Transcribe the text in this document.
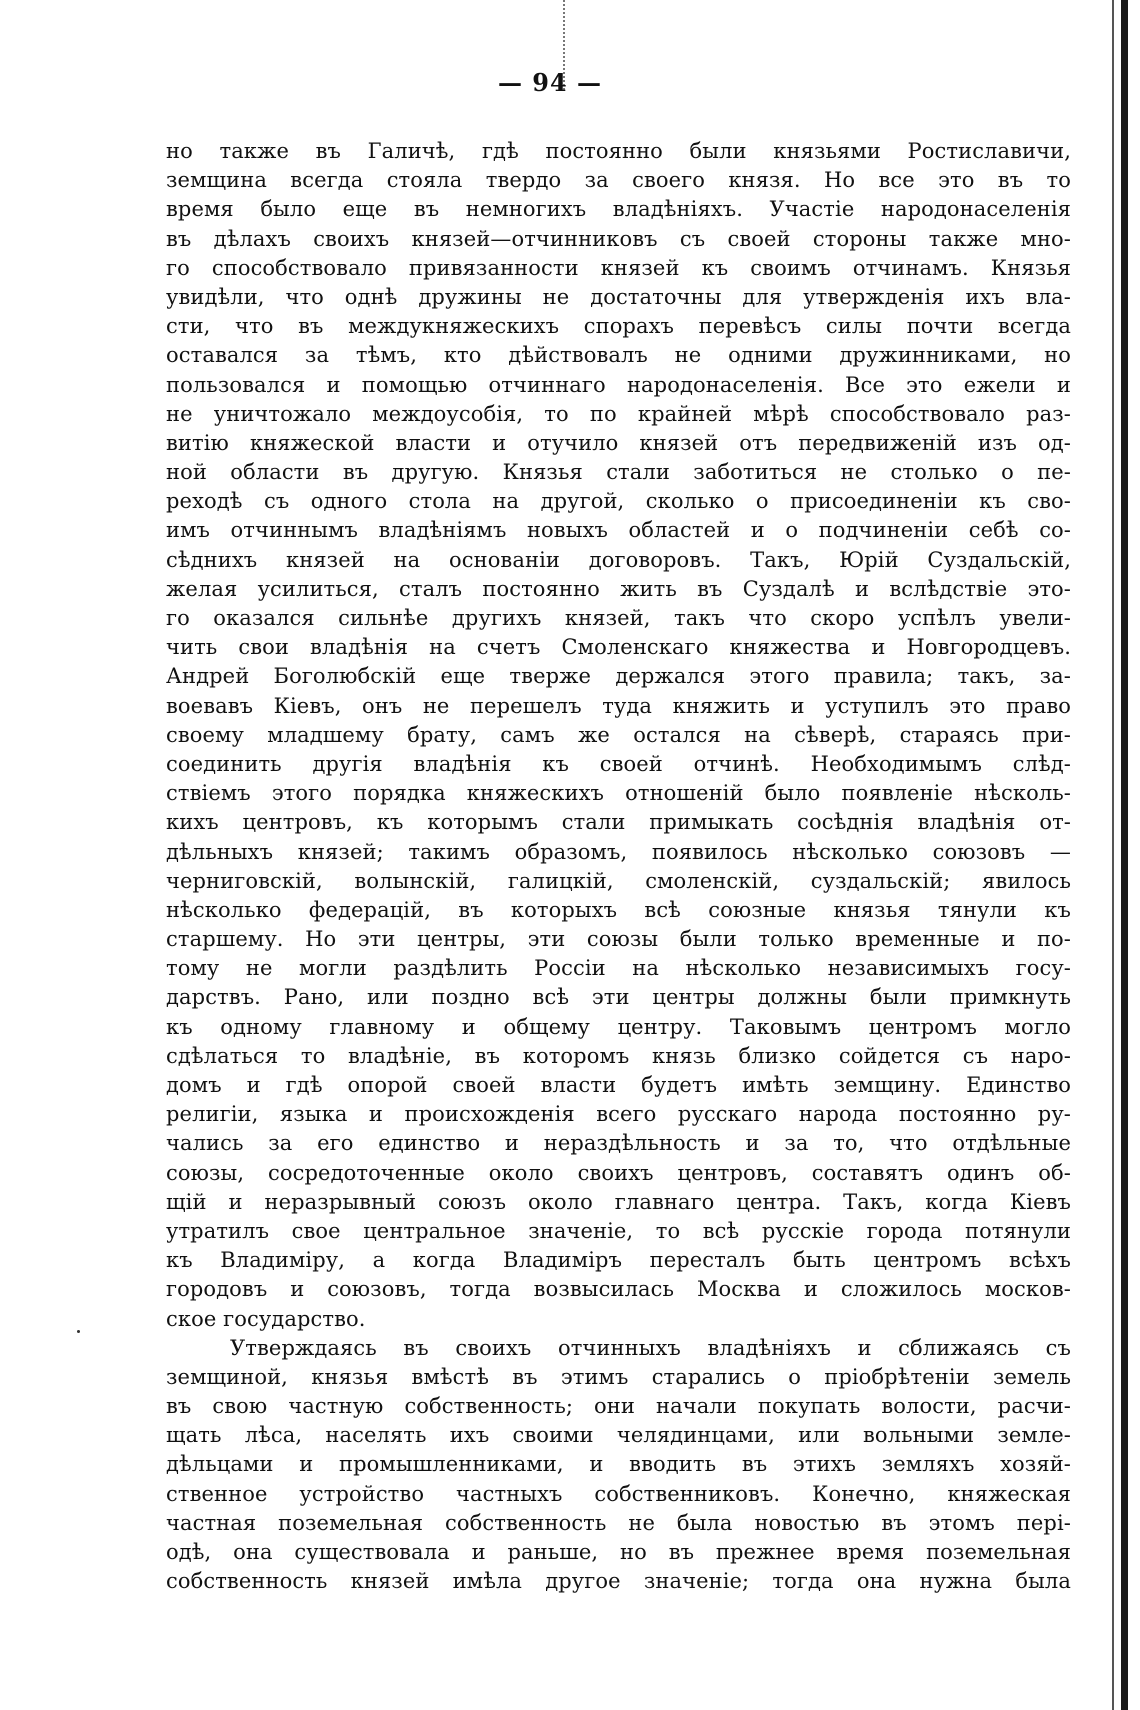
— 94 —
но также въ Галичѣ, гдѣ постоянно были князьями Ростиславичи,
земщина всегда стояла твердо за своего князя. Но все это въ то
время было еще въ немногихъ владѣніяхъ. Участіе народонаселенія
въ дѣлахъ своихъ князей—отчинниковъ съ своей стороны также мно-
го способствовало привязанности князей къ своимъ отчинамъ. Князья
увидѣли, что однѣ дружины не достаточны для утвержденія ихъ вла-
сти, что въ междукняжескихъ спорахъ перевѣсъ силы почти всегда
оставался за тѣмъ, кто дѣйствовалъ не одними дружинниками, но
пользовался и помощью отчиннаго народонаселенія. Все это ежели и
не уничтожало междоусобія, то по крайней мѣрѣ способствовало раз-
витію княжеской власти и отучило князей отъ передвиженій изъ од-
ной области въ другую. Князья стали заботиться не столько о пе-
реходѣ съ одного стола на другой, сколько о присоединеніи къ сво-
имъ отчиннымъ владѣніямъ новыхъ областей и о подчиненіи себѣ со-
сѣднихъ князей на основаніи договоровъ. Такъ, Юрій Суздальскій,
желая усилиться, сталъ постоянно жить въ Суздалѣ и вслѣдствіе это-
го оказался сильнѣе другихъ князей, такъ что скоро успѣлъ увели-
чить свои владѣнія на счетъ Смоленскаго княжества и Новгородцевъ.
Андрей Боголюбскій еще тверже держался этого правила; такъ, за-
воевавъ Кіевъ, онъ не перешелъ туда княжить и уступилъ это право
своему младшему брату, самъ же остался на сѣверѣ, стараясь при-
соединить другія владѣнія къ своей отчинѣ. Необходимымъ слѣд-
ствіемъ этого порядка княжескихъ отношеній было появленіе нѣсколь-
кихъ центровъ, къ которымъ стали примыкать сосѣднія владѣнія от-
дѣльныхъ князей; такимъ образомъ, появилось нѣсколько союзовъ —
черниговскій, волынскій, галицкій, смоленскій, суздальскій; явилось
нѣсколько федерацій, въ которыхъ всѣ союзные князья тянули къ
старшему. Но эти центры, эти союзы были только временные и по-
тому не могли раздѣлить Россіи на нѣсколько независимыхъ госу-
дарствъ. Рано, или поздно всѣ эти центры должны были примкнуть
къ одному главному и общему центру. Таковымъ центромъ могло
сдѣлаться то владѣніе, въ которомъ князь близко сойдется съ наро-
домъ и гдѣ опорой своей власти будетъ имѣть земщину. Единство
религіи, языка и происхожденія всего русскаго народа постоянно ру-
чались за его единство и нераздѣльность и за то, что отдѣльные
союзы, сосредоточенные около своихъ центровъ, составятъ одинъ об-
щій и неразрывный союзъ около главнаго центра. Такъ, когда Кіевъ
утратилъ свое центральное значеніе, то всѣ русскіе города потянули
къ Владиміру, а когда Владиміръ пересталъ быть центромъ всѣхъ
городовъ и союзовъ, тогда возвысилась Москва и сложилось москов-
ское государство.
Утверждаясь въ своихъ отчинныхъ владѣніяхъ и сближаясь съ
земщиной, князья вмѣстѣ въ этимъ старались о пріобрѣтеніи земель
въ свою частную собственность; они начали покупать волости, расчи-
щать лѣса, населять ихъ своими челядинцами, или вольными земле-
дѣльцами и промышленниками, и вводить въ этихъ земляхъ хозяй-
ственное устройство частныхъ собственниковъ. Конечно, княжеская
частная поземельная собственность не была новостью въ этомъ пері-
одѣ, она существовала и раньше, но въ прежнее время поземельная
собственность князей имѣла другое значеніе; тогда она нужна была
